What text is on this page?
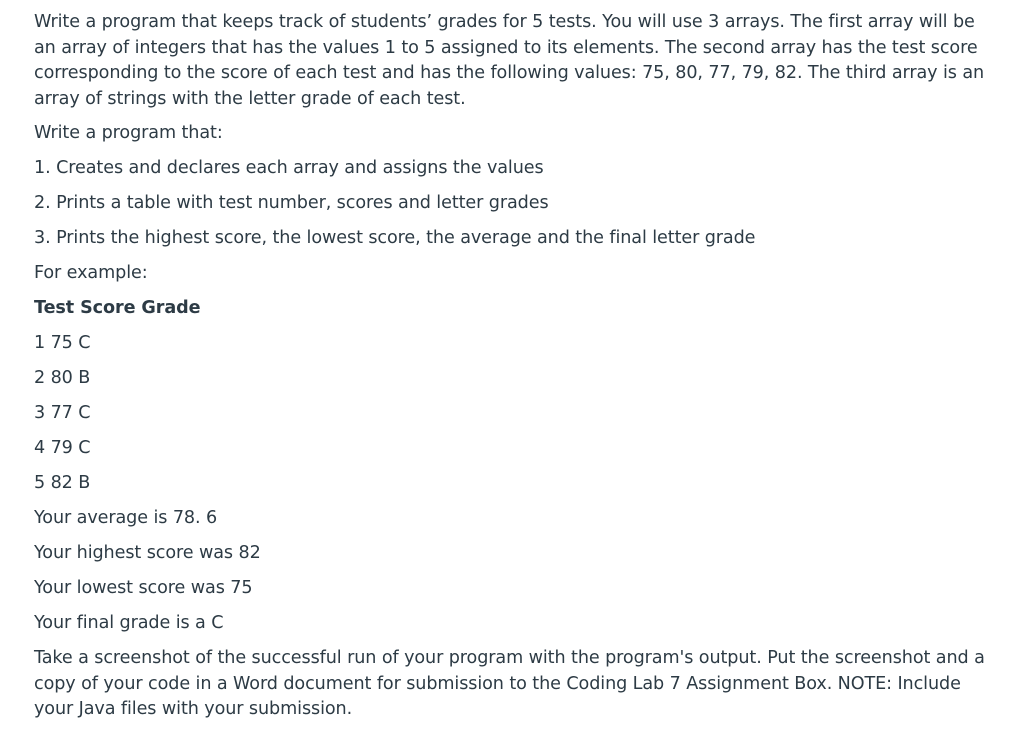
Write a program that keeps track of students’ grades for 5 tests. You will use 3 arrays. The first array will be an array of integers that has the values 1 to 5 assigned to its elements. The second array has the test score corresponding to the score of each test and has the following values: 75, 80, 77, 79, 82. The third array is an array of strings with the letter grade of each test.

Write a program that:

1. Creates and declares each array and assigns the values

2. Prints a table with test number, scores and letter grades

3. Prints the highest score, the lowest score, the average and the final letter grade

For example:

Test Score Grade

1 75 C

2 80 B

3 77 C

4 79 C

5 82 B

Your average is 78. 6

Your highest score was 82

Your lowest score was 75

Your final grade is a C

Take a screenshot of the successful run of your program with the program's output. Put the screenshot and a copy of your code in a Word document for submission to the Coding Lab 7 Assignment Box. NOTE: Include your Java files with your submission.
